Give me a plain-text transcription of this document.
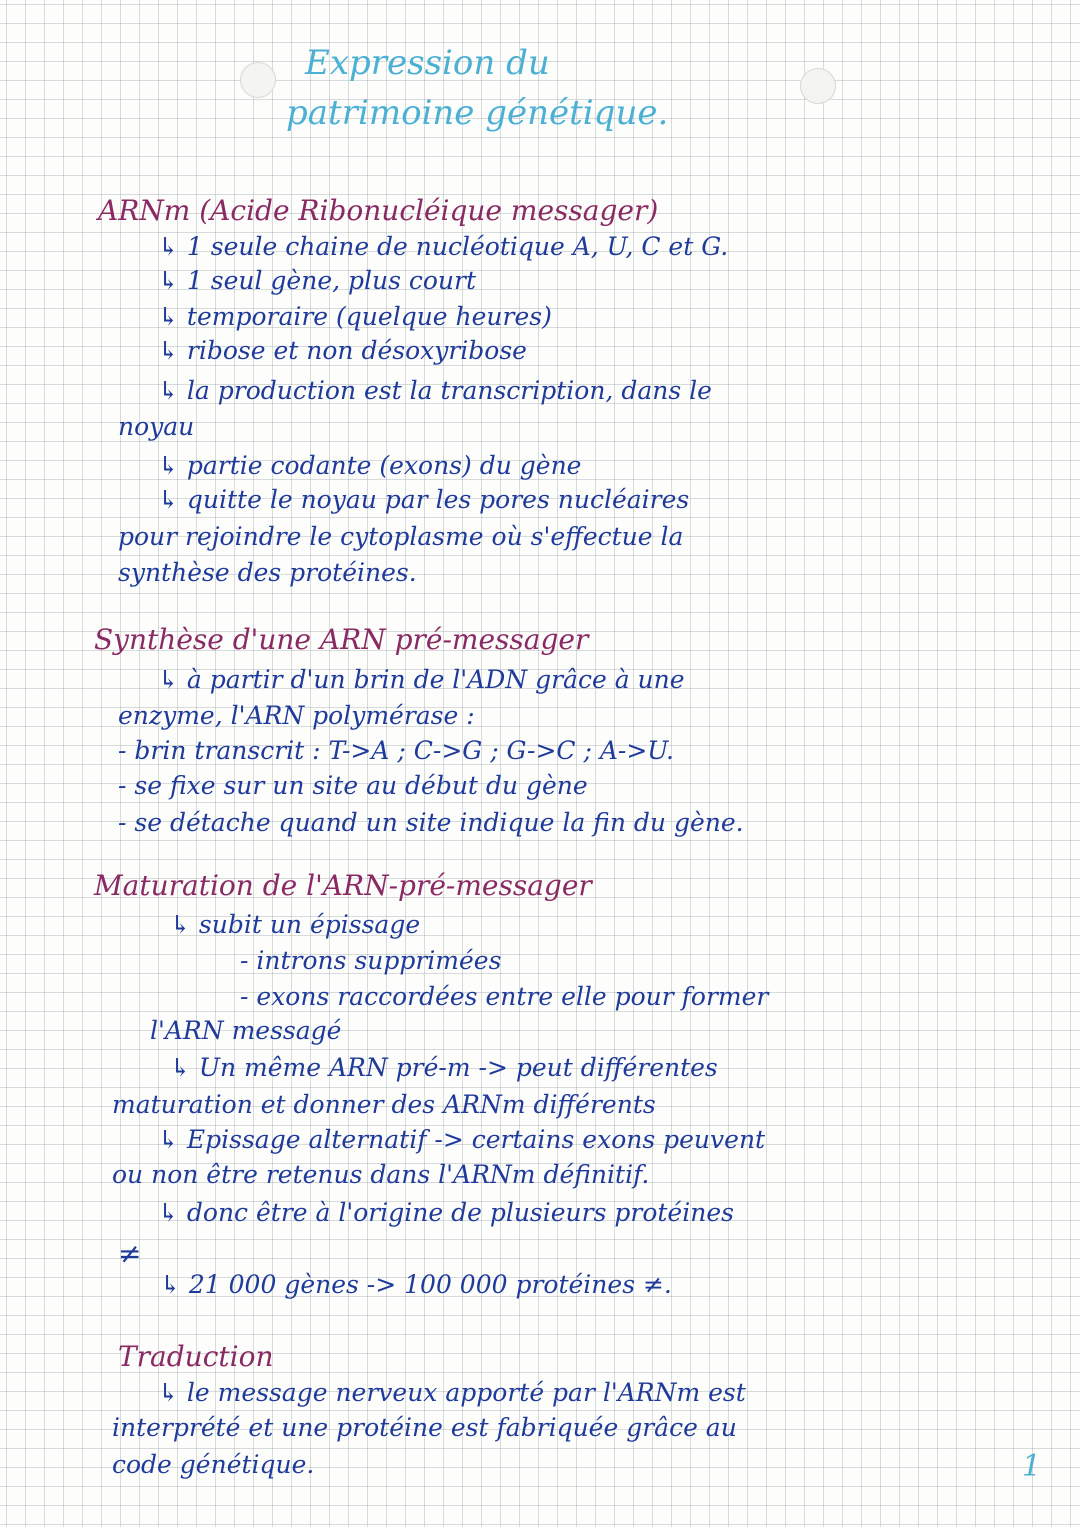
Expression du
patrimoine génétique.
ARNm (Acide Ribonucléique messager)
↳ 1 seule chaine de nucléotique A, U, C et G.
↳ 1 seul gène, plus court
↳ temporaire (quelque heures)
↳ ribose et non désoxyribose
↳ la production est la transcription, dans le
noyau
↳ partie codante (exons) du gène
↳ quitte le noyau par les pores nucléaires
pour rejoindre le cytoplasme où s'effectue la
synthèse des protéines.
Synthèse d'une ARN pré-messager
↳ à partir d'un brin de l'ADN grâce à une
enzyme, l'ARN polymérase :
- brin transcrit : T->A ; C->G ; G->C ; A->U.
- se fixe sur un site au début du gène
- se détache quand un site indique la fin du gène.
Maturation de l'ARN-pré-messager
↳ subit un épissage
- introns supprimées
- exons raccordées entre elle pour former
l'ARN messagé
↳ Un même ARN pré-m -> peut différentes
maturation et donner des ARNm différents
↳ Epissage alternatif -> certains exons peuvent
ou non être retenus dans l'ARNm définitif.
↳ donc être à l'origine de plusieurs protéines
≠
↳ 21 000 gènes -> 100 000 protéines ≠.
Traduction
↳ le message nerveux apporté par l'ARNm est
interprété et une protéine est fabriquée grâce au
code génétique.	1
